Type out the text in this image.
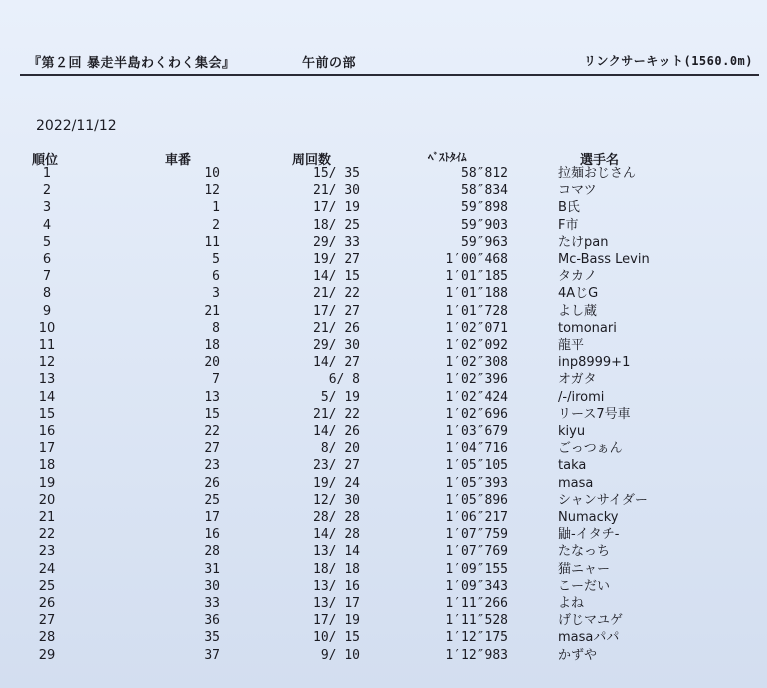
『第２回 暴走半島わくわく集会』	午前の部	リンクサーキット(1560.0m)
2022/11/12
順位	車番	周回数	ﾍﾞｽﾄﾀｲﾑ	選手名
1	10	15/ 35	58″812		拉麺おじさん
2	12	21/ 30	58″834		コマツ
3	1	17/ 19	59″898		B氏
4	2	18/ 25	59″903		F市
5	11	29/ 33	59″963		たけpan
6	5	19/ 27	1′00″468		Mc-Bass Levin
7	6	14/ 15	1′01″185		タカノ
8	3	21/ 22	1′01″188		4AじG
9	21	17/ 27	1′01″728		よし蔵
10	8	21/ 26	1′02″071		tomonari
11	18	29/ 30	1′02″092		龍平
12	20	14/ 27	1′02″308		inp8999+1
13	7	6/ 8	1′02″396		オガタ
14	13	5/ 19	1′02″424		/-/iromi
15	15	21/ 22	1′02″696		リース7号車
16	22	14/ 26	1′03″679		kiyu
17	27	8/ 20	1′04″716		ごっつぁん
18	23	23/ 27	1′05″105		taka
19	26	19/ 24	1′05″393		masa
20	25	12/ 30	1′05″896		シャンサイダー
21	17	28/ 28	1′06″217		Numacky
22	16	14/ 28	1′07″759		鼬-イタチ-
23	28	13/ 14	1′07″769		たなっち
24	31	18/ 18	1′09″155		猫ニャー
25	30	13/ 16	1′09″343		こーだい
26	33	13/ 17	1′11″266		よね
27	36	17/ 19	1′11″528		げじマユゲ
28	35	10/ 15	1′12″175		masaパパ
29	37	9/ 10	1′12″983		かずや
